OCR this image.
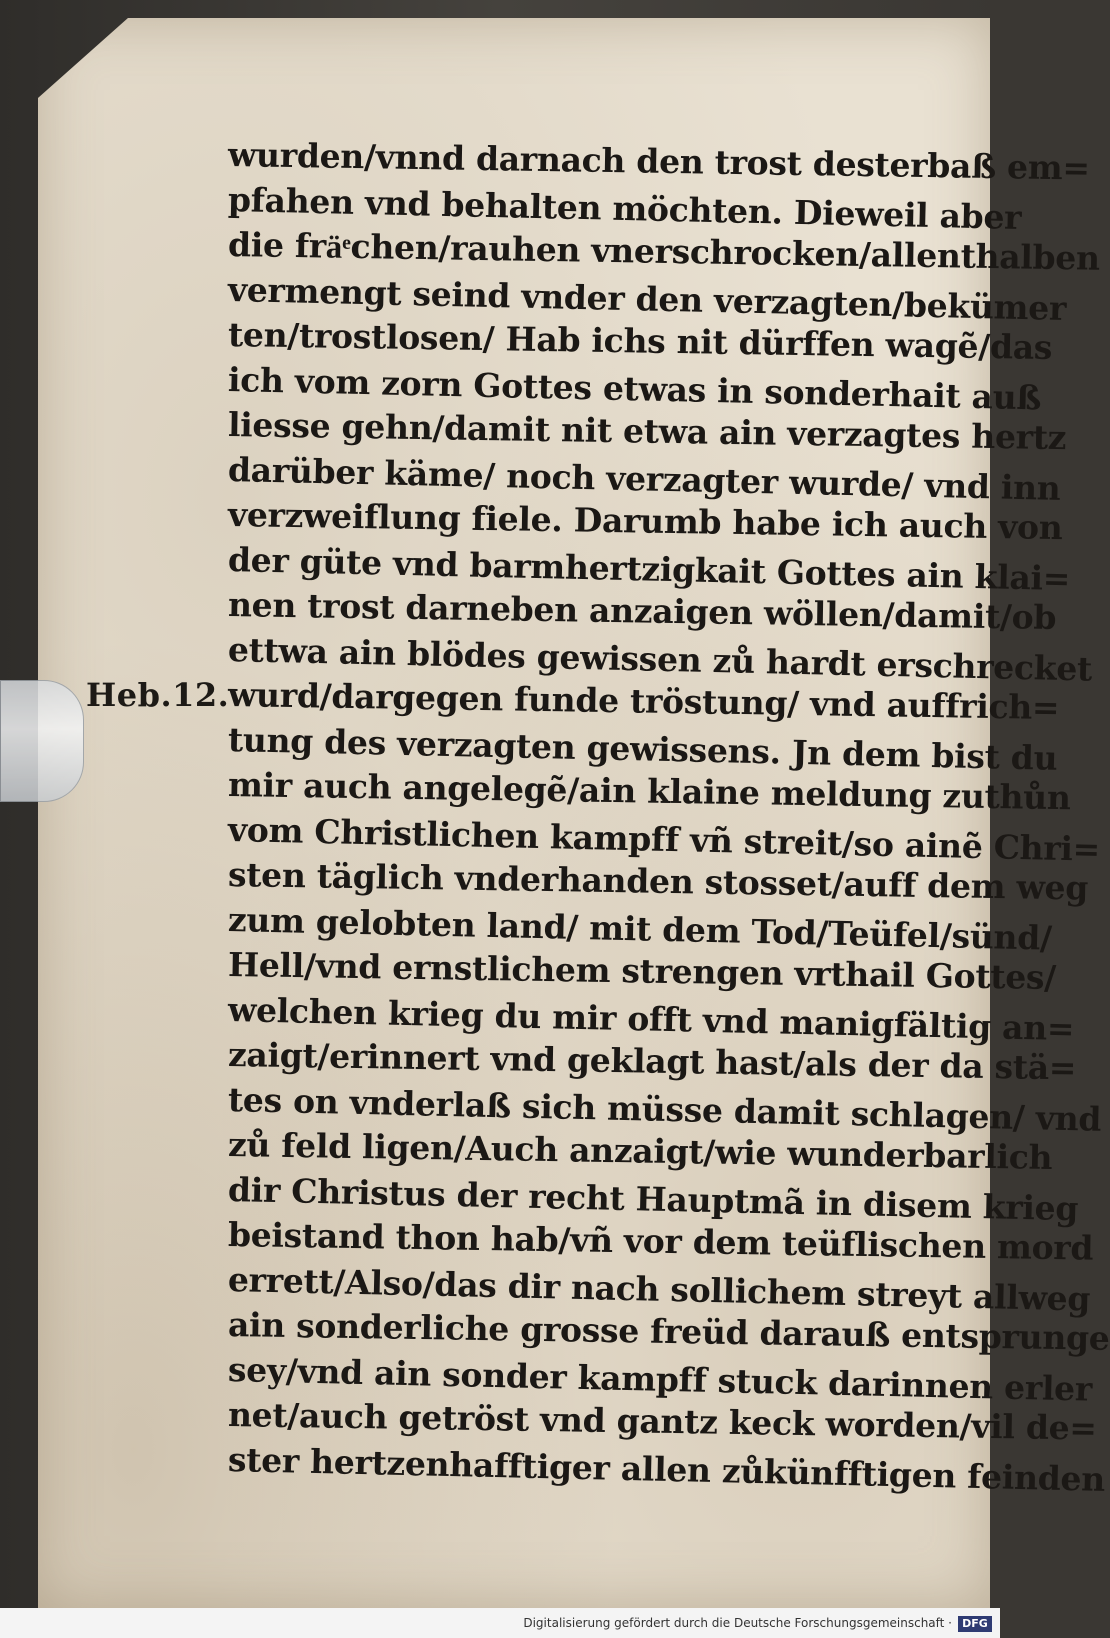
Heb.12.
wurden/vnnd darnach den trost desterbaß em=
pfahen vnd behalten möchten. Dieweil aber
die fräͤchen/rauhen vnerschrocken/allenthalben
vermengt seind vnder den verzagten/bekümer
ten/trostlosen/ Hab ichs nit dürffen wagẽ/das
ich vom zorn Gottes etwas in sonderhait auß
liesse gehn/damit nit etwa ain verzagtes hertz
darüber käme/ noch verzagter wurde/ vnd inn
verzweiflung fiele. Darumb habe ich auch von
der güte vnd barmhertzigkait Gottes ain klai=
nen trost darneben anzaigen wöllen/damit/ob
ettwa ain blödes gewissen zů hardt erschrecket
wurd/dargegen funde tröstung/ vnd auffrich=
tung des verzagten gewissens. Jn dem bist du
mir auch angelegẽ/ain klaine meldung zuthůn
vom Christlichen kampff vñ streit/so ainẽ Chri=
sten täglich vnderhanden stosset/auff dem weg
zum gelobten land/ mit dem Tod/Teüfel/sünd/
Hell/vnd ernstlichem strengen vrthail Gottes/
welchen krieg du mir offt vnd manigfältig an=
zaigt/erinnert vnd geklagt hast/als der da stä=
tes on vnderlaß sich müsse damit schlagen/ vnd
zů feld ligen/Auch anzaigt/wie wunderbarlich
dir Christus der recht Hauptmã in disem krieg
beistand thon hab/vñ vor dem teüflischen mord
errett/Also/das dir nach sollichem streyt allweg
ain sonderliche grosse freüd darauß entsprunge
sey/vnd ain sonder kampff stuck darinnen erler
net/auch getröst vnd gantz keck worden/vil de=
ster hertzenhafftiger allen zůkünfftigen feinden
Digitalisierung gefördert durch die Deutsche Forschungsgemeinschaft · DFG
